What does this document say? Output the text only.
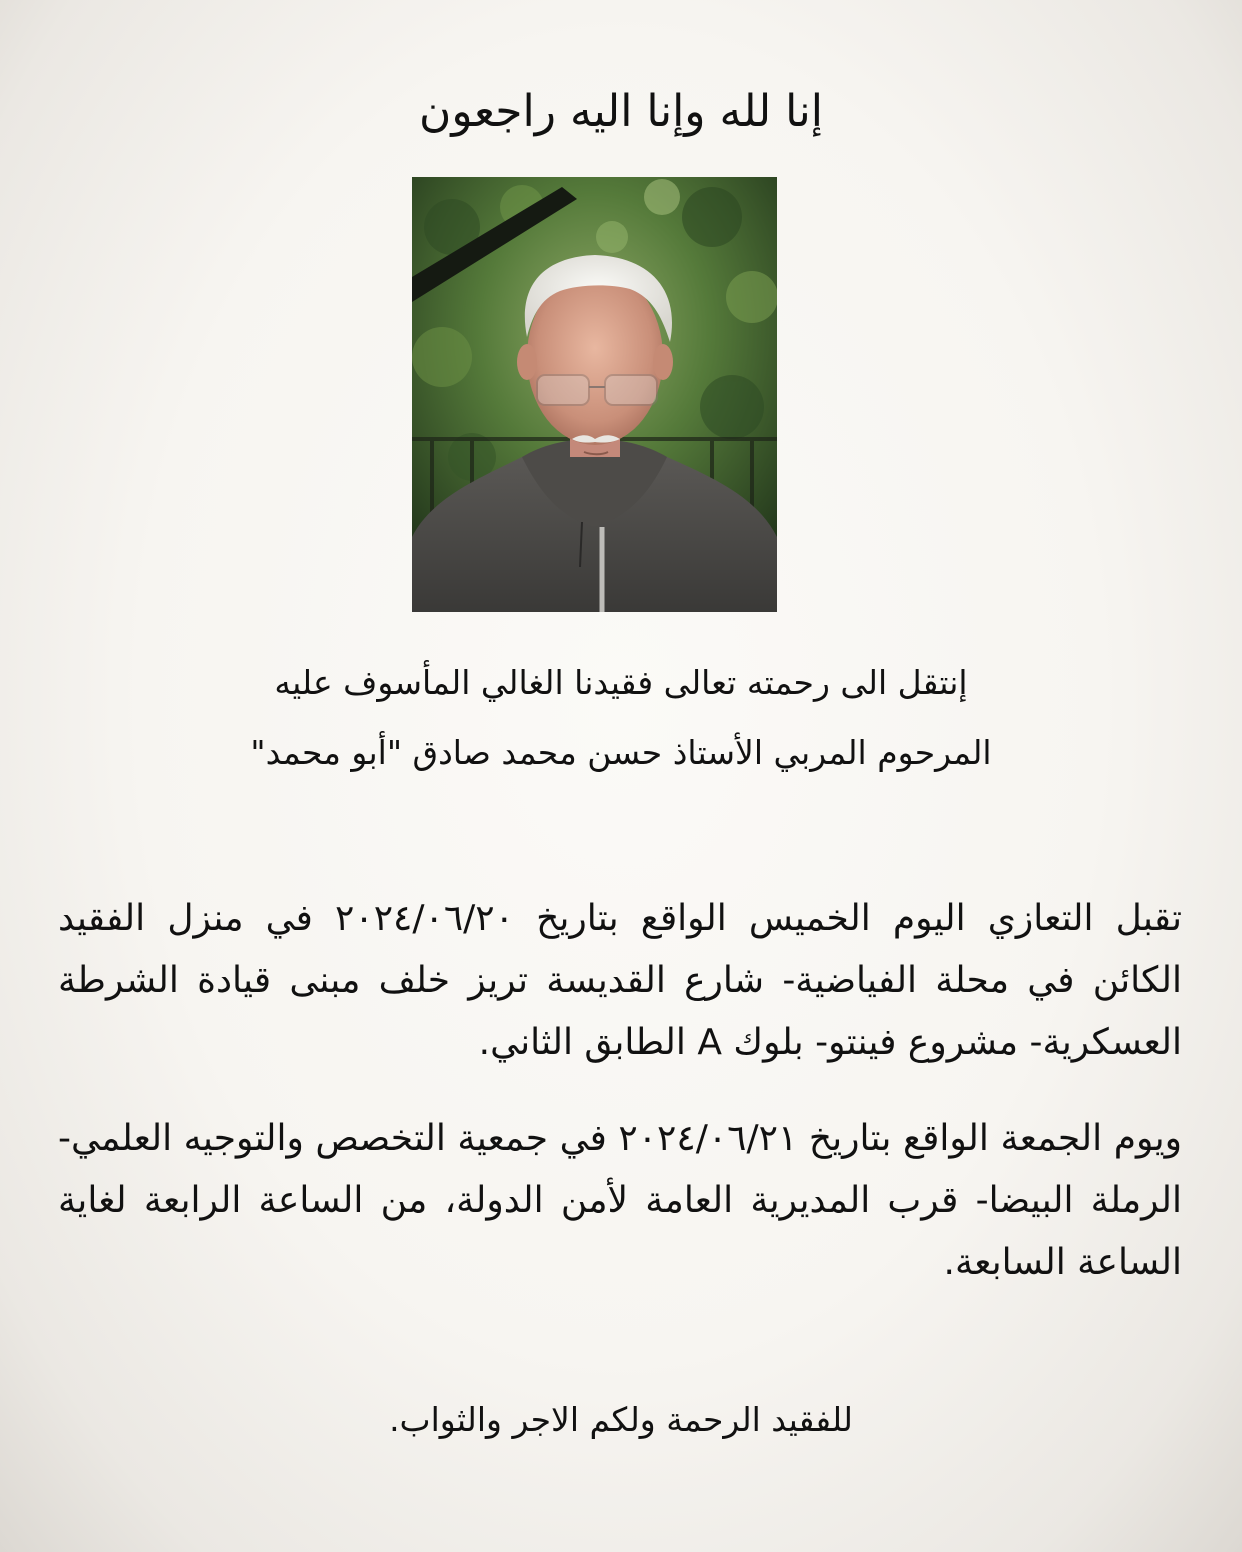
إنا لله وإنا اليه راجعون
إنتقل الى رحمته تعالى فقيدنا الغالي المأسوف عليه
المرحوم المربي الأستاذ حسن محمد صادق "أبو محمد"

تقبل التعازي اليوم الخميس الواقع بتاريخ ٢٠٢٤/٠٦/٢٠ في منزل الفقيد الكائن في محلة الفياضية- شارع القديسة تريز خلف مبنى قيادة الشرطة العسكرية- مشروع فينتو- بلوك A الطابق الثاني.

ويوم الجمعة الواقع بتاريخ ٢٠٢٤/٠٦/٢١ في جمعية التخصص والتوجيه العلمي- الرملة البيضا- قرب المديرية العامة لأمن الدولة، من الساعة الرابعة لغاية الساعة السابعة.

للفقيد الرحمة ولكم الاجر والثواب.
